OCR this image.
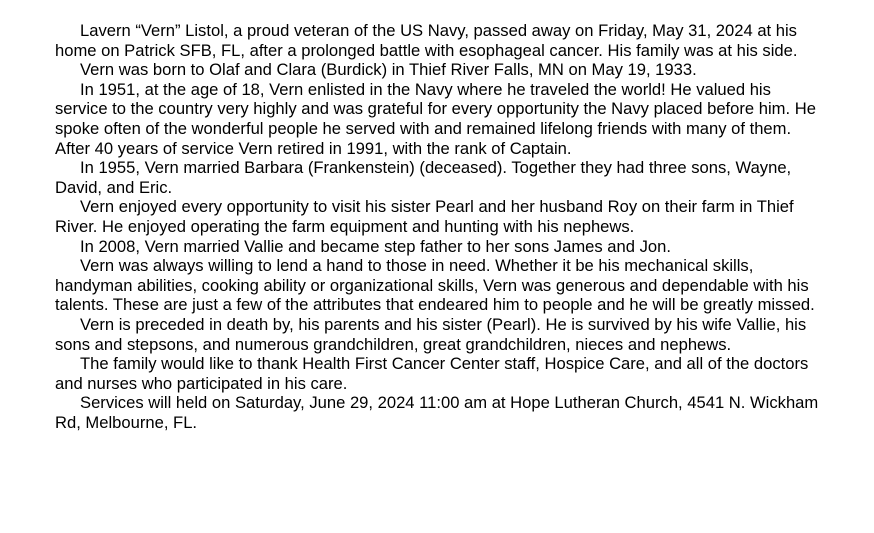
Lavern “Vern” Listol, a proud veteran of the US Navy, passed away on Friday, May 31, 2024 at his home on Patrick SFB, FL, after a prolonged battle with esophageal cancer. His family was at his side.

Vern was born to Olaf and Clara (Burdick) in Thief River Falls, MN on May 19, 1933.

In 1951, at the age of 18, Vern enlisted in the Navy where he traveled the world! He valued his service to the country very highly and was grateful for every opportunity the Navy placed before him. He spoke often of the wonderful people he served with and remained lifelong friends with many of them. After 40 years of service Vern retired in 1991, with the rank of Captain.

In 1955, Vern married Barbara (Frankenstein) (deceased). Together they had three sons, Wayne, David, and Eric.

Vern enjoyed every opportunity to visit his sister Pearl and her husband Roy on their farm in Thief River. He enjoyed operating the farm equipment and hunting with his nephews.

In 2008, Vern married Vallie and became step father to her sons James and Jon.

Vern was always willing to lend a hand to those in need. Whether it be his mechanical skills, handyman abilities, cooking ability or organizational skills, Vern was generous and dependable with his talents. These are just a few of the attributes that endeared him to people and he will be greatly missed.

Vern is preceded in death by, his parents and his sister (Pearl). He is survived by his wife Vallie, his sons and stepsons, and numerous grandchildren, great grandchildren, nieces and nephews.

The family would like to thank Health First Cancer Center staff, Hospice Care, and all of the doctors and nurses who participated in his care.

Services will held on Saturday, June 29, 2024 11:00 am at Hope Lutheran Church, 4541 N. Wickham Rd, Melbourne, FL.
